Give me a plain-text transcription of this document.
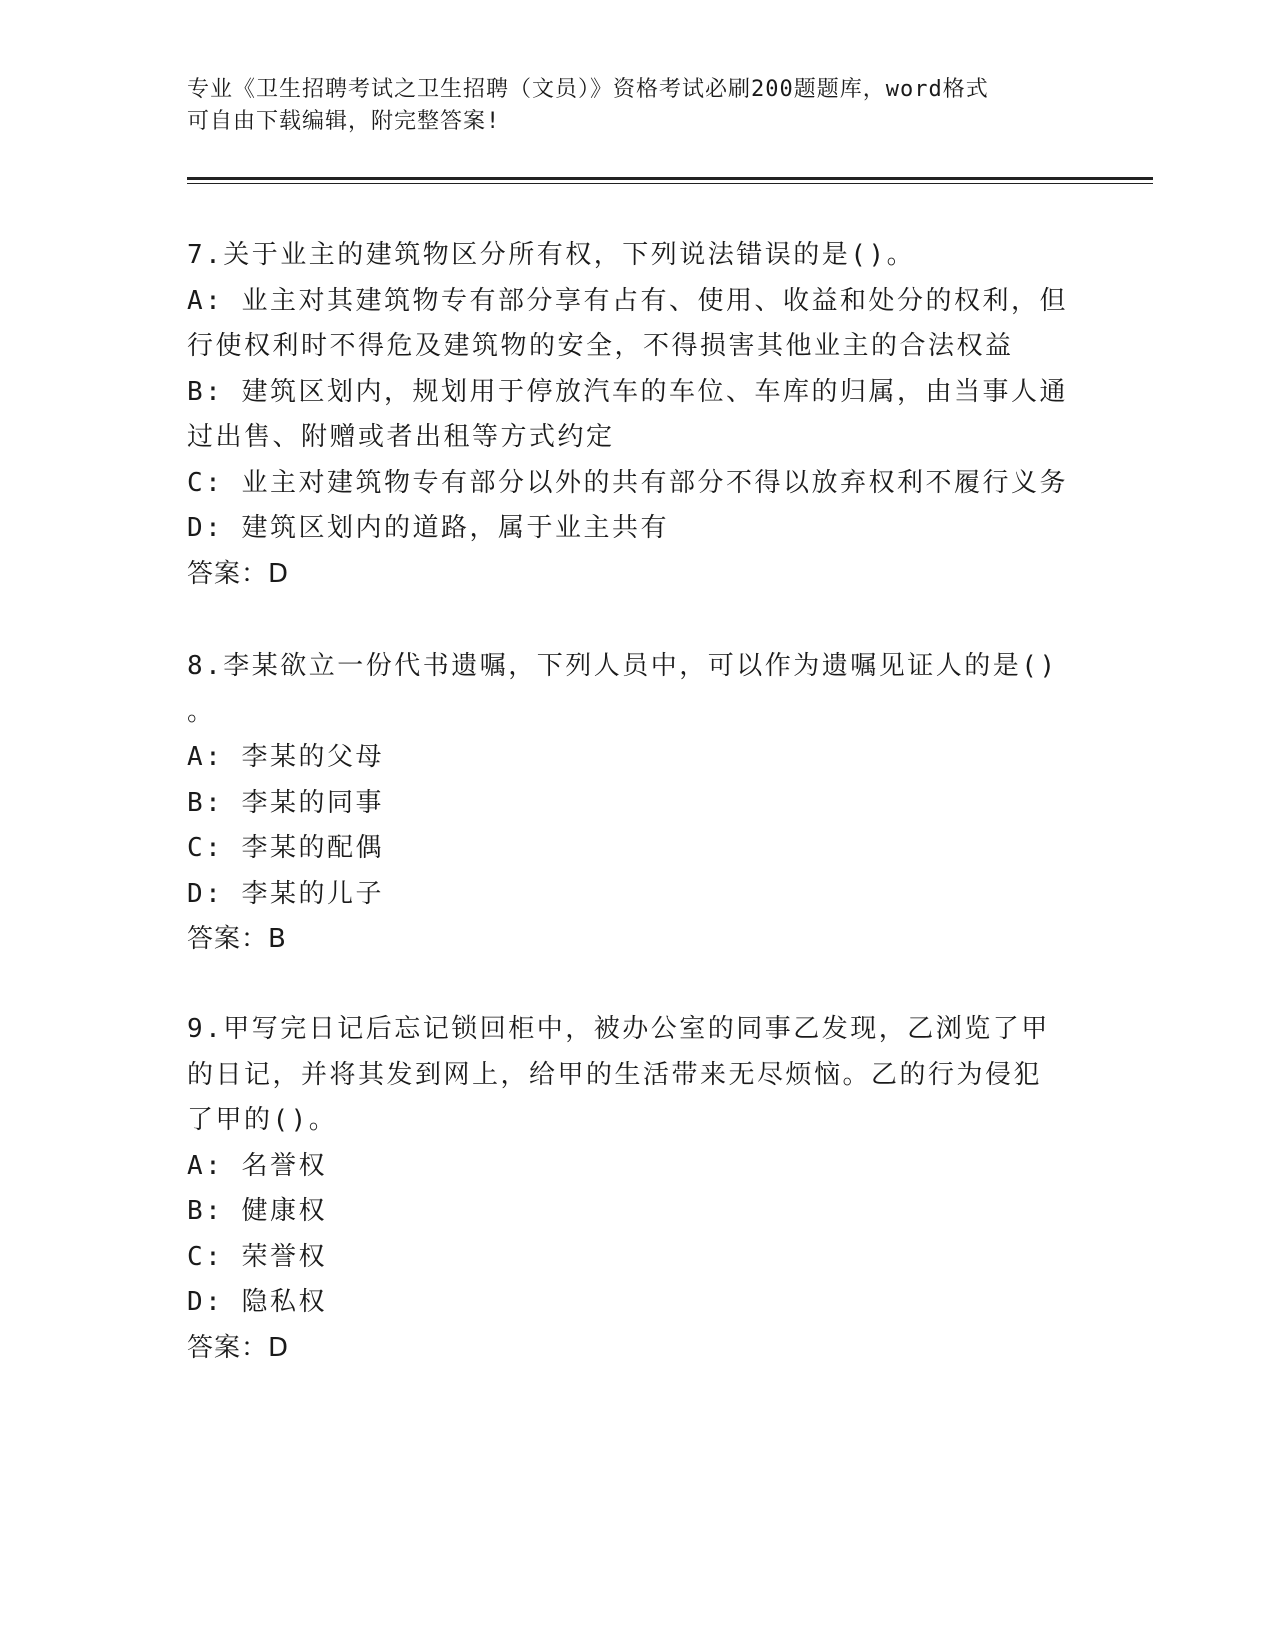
专业《卫生招聘考试之卫生招聘（文员）》资格考试必刷200题题库，word格式
可自由下载编辑，附完整答案!
7.关于业主的建筑物区分所有权，下列说法错误的是()。
A: 业主对其建筑物专有部分享有占有、使用、收益和处分的权利，但
行使权利时不得危及建筑物的安全，不得损害其他业主的合法权益
B: 建筑区划内，规划用于停放汽车的车位、车库的归属，由当事人通
过出售、附赠或者出租等方式约定
C: 业主对建筑物专有部分以外的共有部分不得以放弃权利不履行义务
D: 建筑区划内的道路，属于业主共有
答案：D
8.李某欲立一份代书遗嘱，下列人员中，可以作为遗嘱见证人的是()
。
A: 李某的父母
B: 李某的同事
C: 李某的配偶
D: 李某的儿子
答案：B
9.甲写完日记后忘记锁回柜中，被办公室的同事乙发现，乙浏览了甲
的日记，并将其发到网上，给甲的生活带来无尽烦恼。乙的行为侵犯
了甲的()。
A: 名誉权
B: 健康权
C: 荣誉权
D: 隐私权
答案：D
